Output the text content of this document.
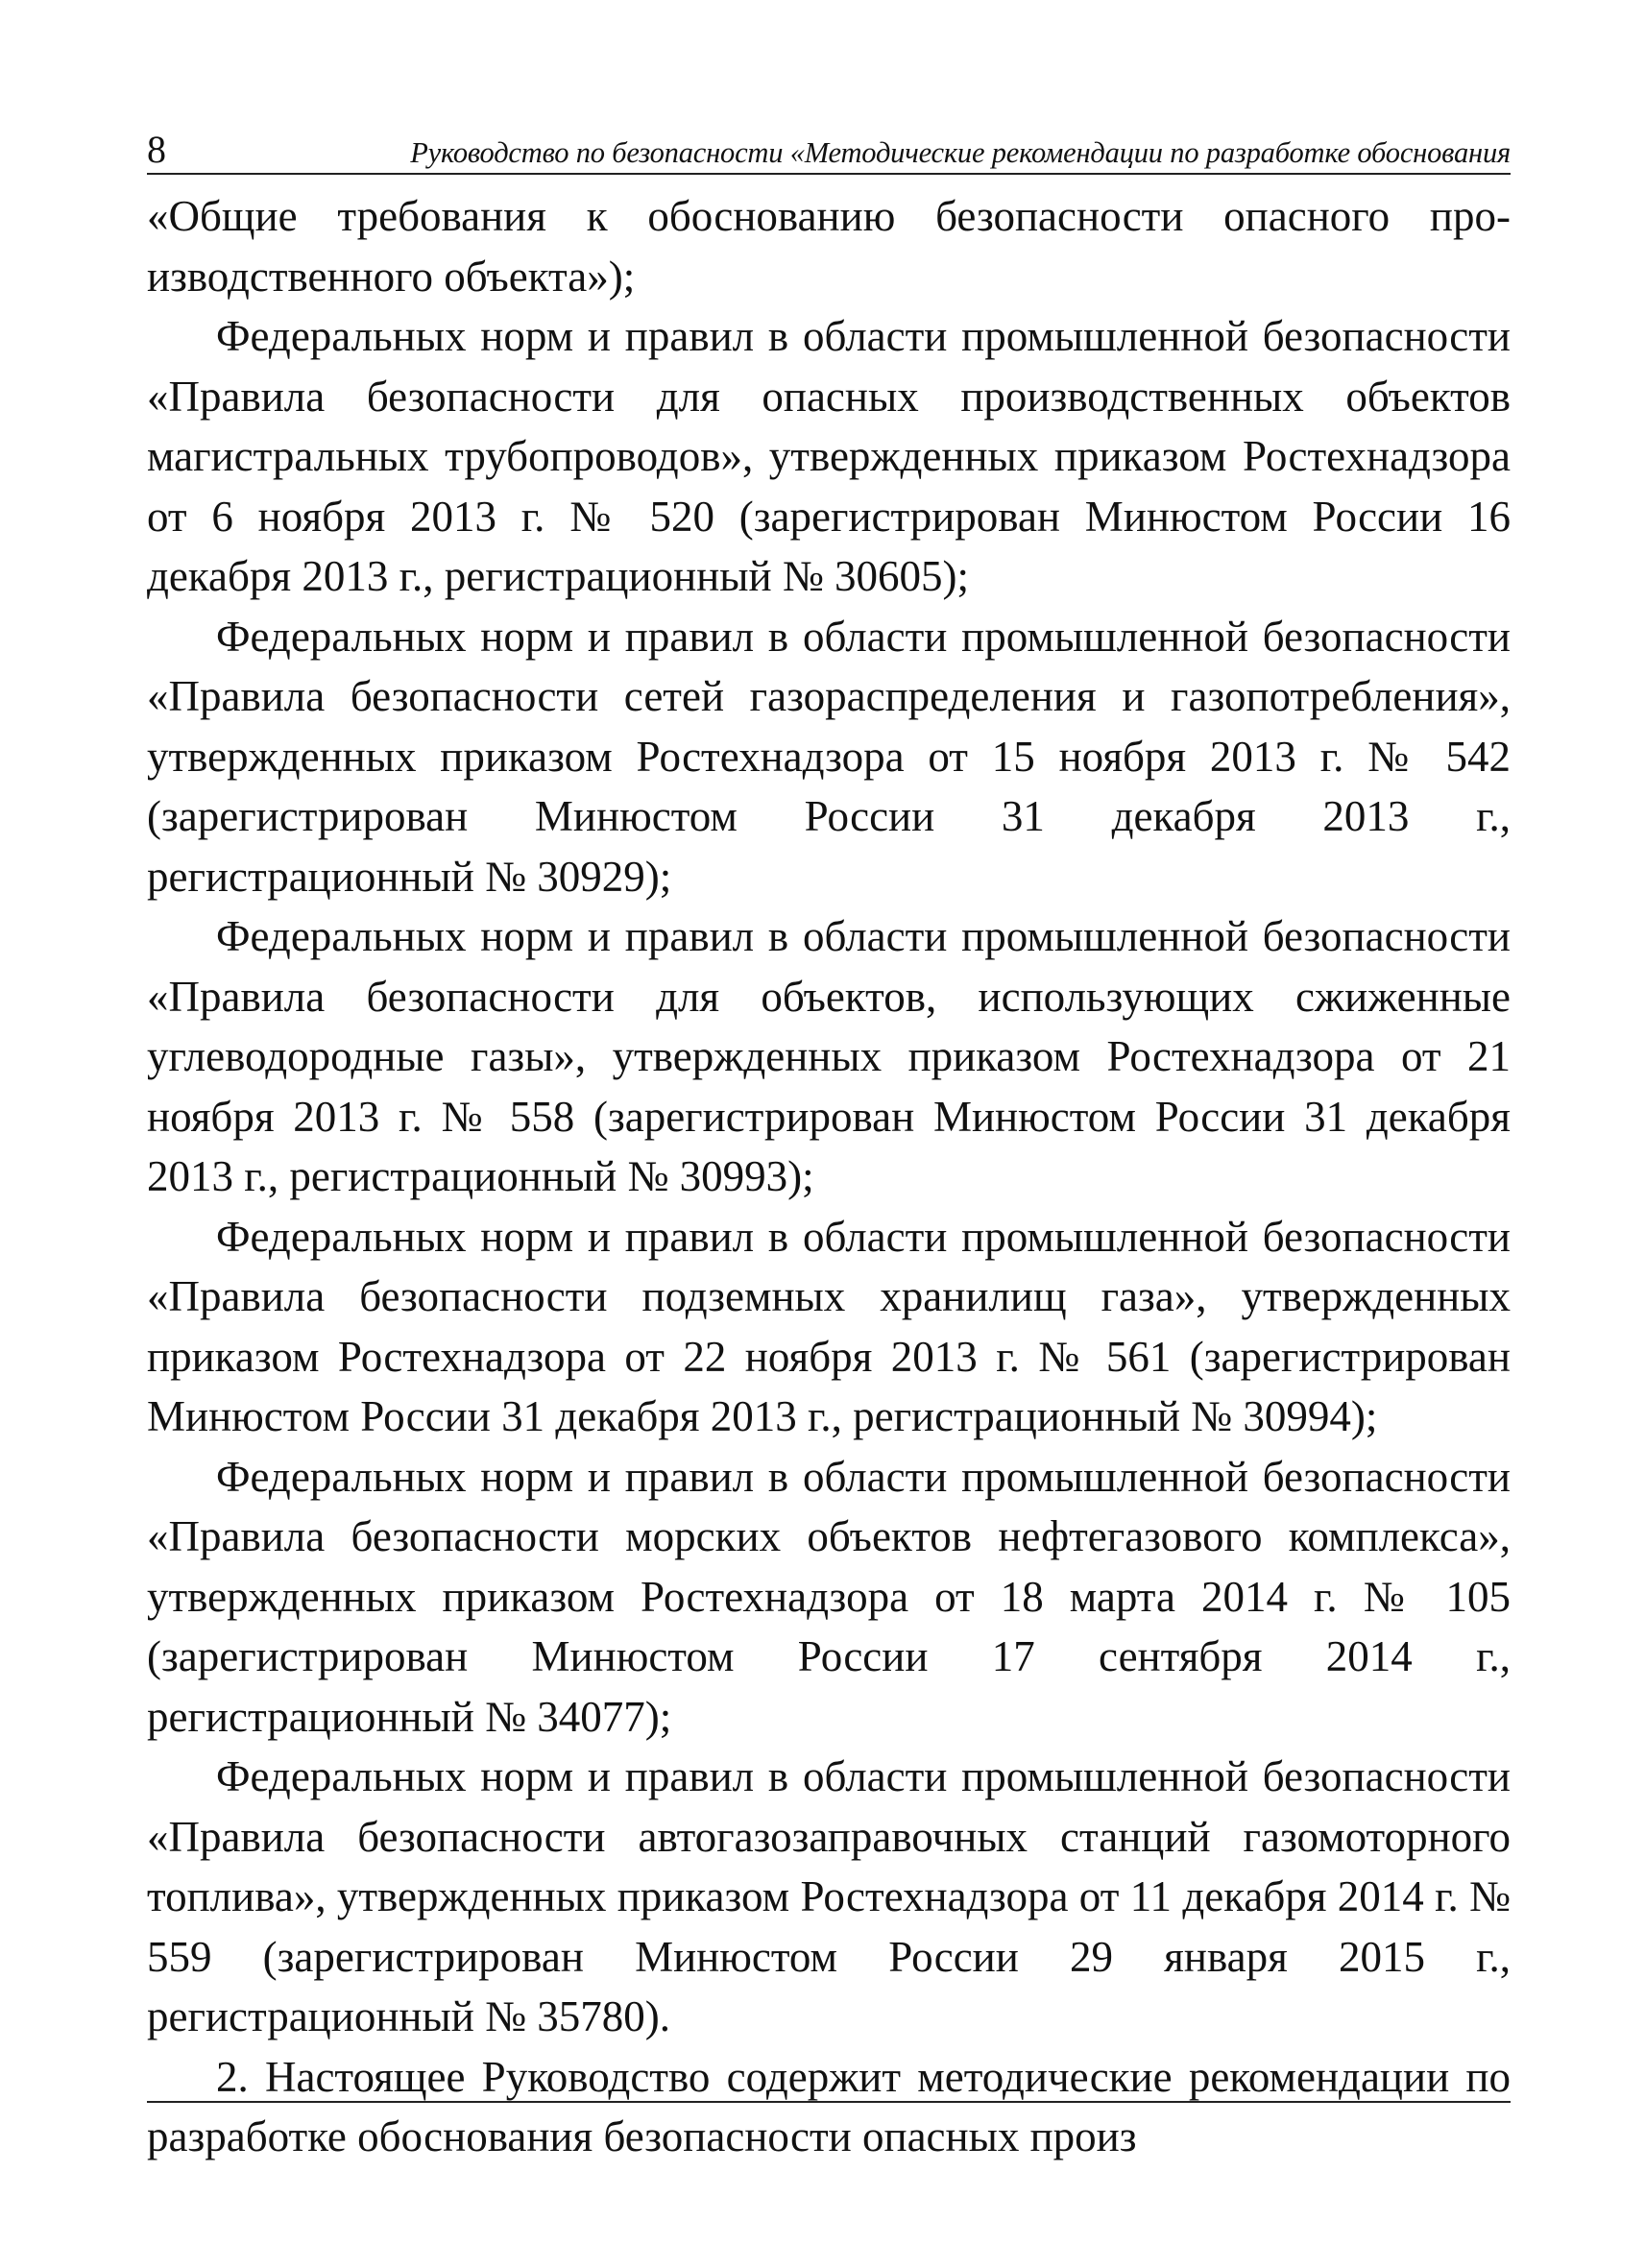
8	Руководство по безопасности «Методические рекомендации по разработке обоснования

«Общие требования к обоснованию безопасности опасного производственного объекта»);

Федеральных норм и правил в области промышленной безопасности «Правила безопасности для опасных производственных объектов магистральных трубопроводов», утвержденных приказом Ростехнадзора от 6 ноября 2013 г. № 520 (зарегистрирован Минюстом России 16 декабря 2013 г., регистрационный № 30605);

Федеральных норм и правил в области промышленной безопасности «Правила безопасности сетей газораспределения и газопотребления», утвержденных приказом Ростехнадзора от 15 ноября 2013 г. № 542 (зарегистрирован Минюстом России 31 декабря 2013 г., регистрационный № 30929);

Федеральных норм и правил в области промышленной безопасности «Правила безопасности для объектов, использующих сжиженные углеводородные газы», утвержденных приказом Ростехнадзора от 21 ноября 2013 г. № 558 (зарегистрирован Минюстом России 31 декабря 2013 г., регистрационный № 30993);

Федеральных норм и правил в области промышленной безопасности «Правила безопасности подземных хранилищ газа», утвержденных приказом Ростехнадзора от 22 ноября 2013 г. № 561 (зарегистрирован Минюстом России 31 декабря 2013 г., регистрационный № 30994);

Федеральных норм и правил в области промышленной безопасности «Правила безопасности морских объектов нефтегазового комплекса», утвержденных приказом Ростехнадзора от 18 марта 2014 г. № 105 (зарегистрирован Минюстом России 17 сентября 2014 г., регистрационный № 34077);

Федеральных норм и правил в области промышленной безопасности «Правила безопасности автогазозаправочных станций газомоторного топлива», утвержденных приказом Ростехнадзора от 11 декабря 2014 г. № 559 (зарегистрирован Минюстом России 29 января 2015 г., регистрационный № 35780).

2. Настоящее Руководство содержит методические рекомендации по разработке обоснования безопасности опасных произ
